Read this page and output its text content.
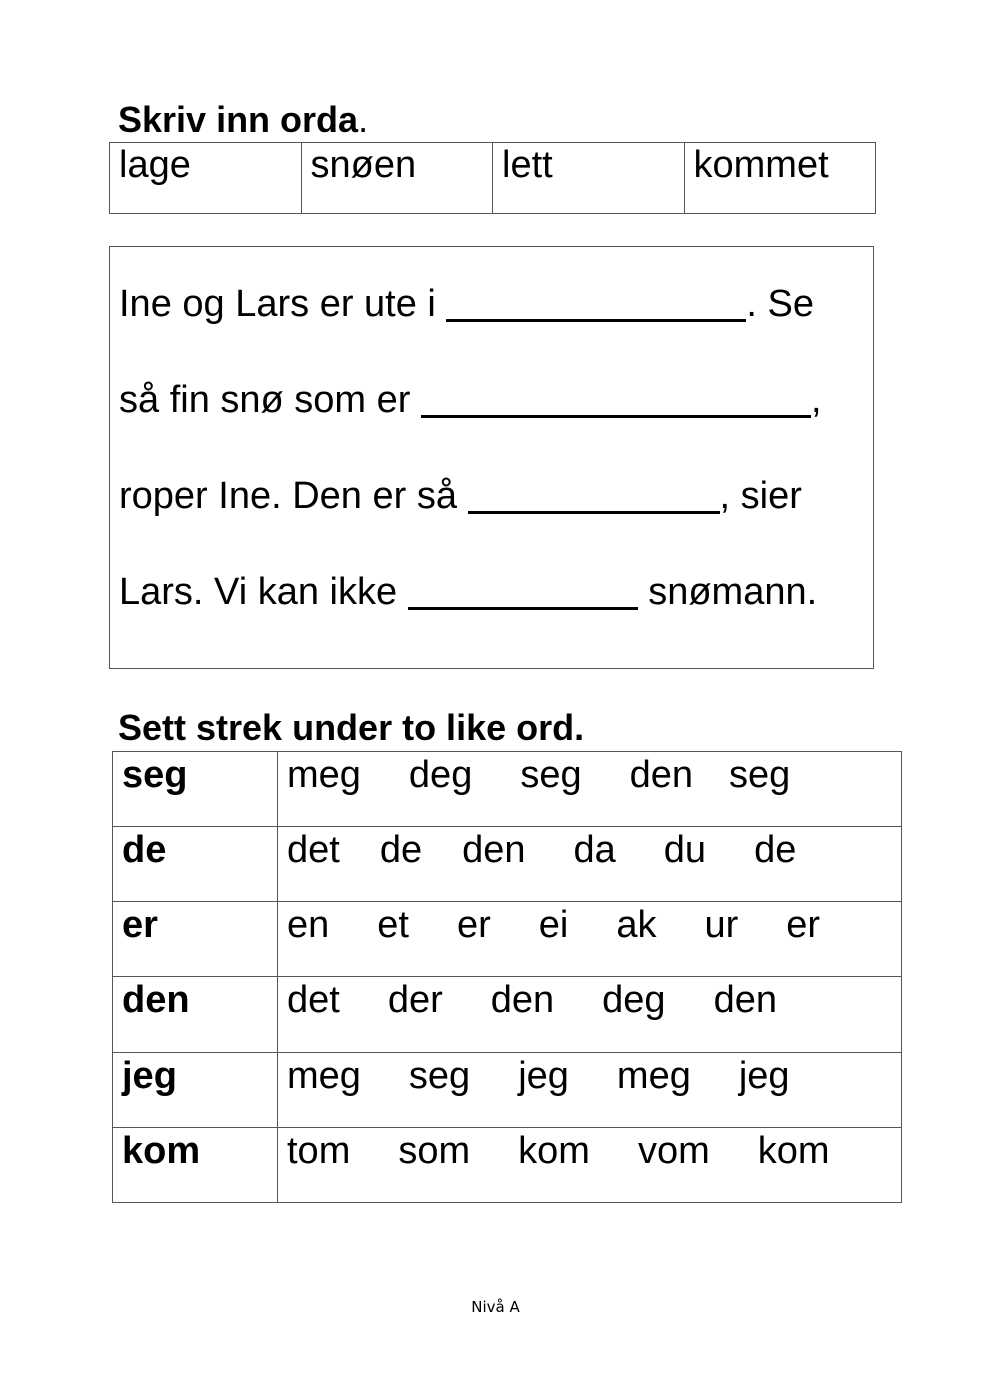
Skriv inn orda.
lage	snøen	lett	kommet
Ine og Lars er ute i	. Se
så fin snø som er	,
roper Ine. Den er så	, sier
Lars. Vi kan ikke	snømann.
Sett strek under to like ord.
seg	meg deg seg den seg
de	det de den da du de
er	en et er ei ak ur er
den	det der den deg den
jeg	meg seg jeg meg jeg
kom	tom som kom vom kom
Nivå A
